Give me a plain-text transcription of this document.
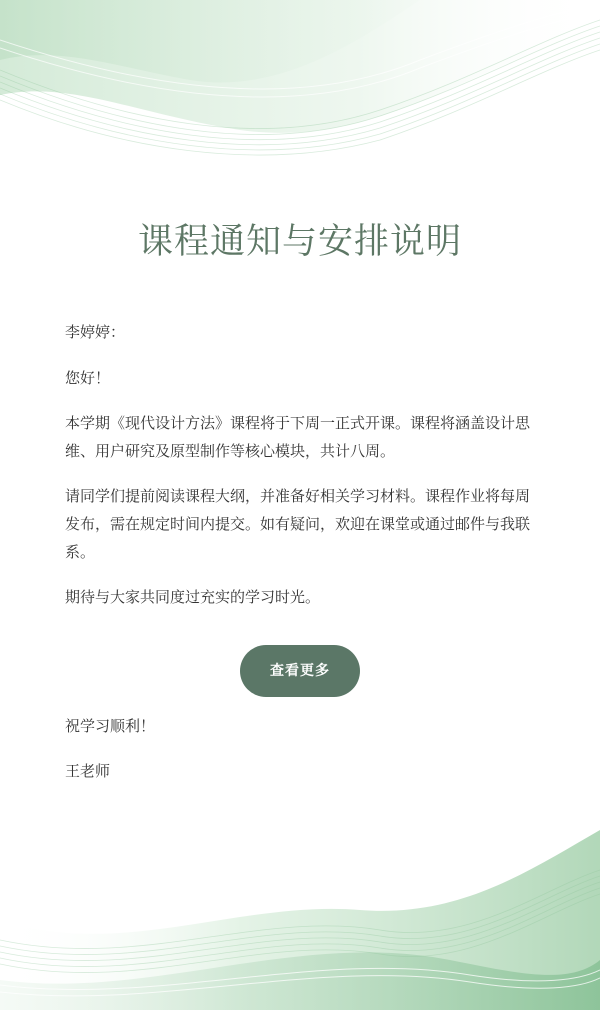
课程通知与安排说明

李婷婷：

您好！

本学期《现代设计方法》课程将于下周一正式开课。课程将涵盖设计思维、用户研究及原型制作等核心模块，共计八周。

请同学们提前阅读课程大纲，并准备好相关学习材料。课程作业将每周发布，需在规定时间内提交。如有疑问，欢迎在课堂或通过邮件与我联系。

期待与大家共同度过充实的学习时光。

查看更多

祝学习顺利！

王老师
